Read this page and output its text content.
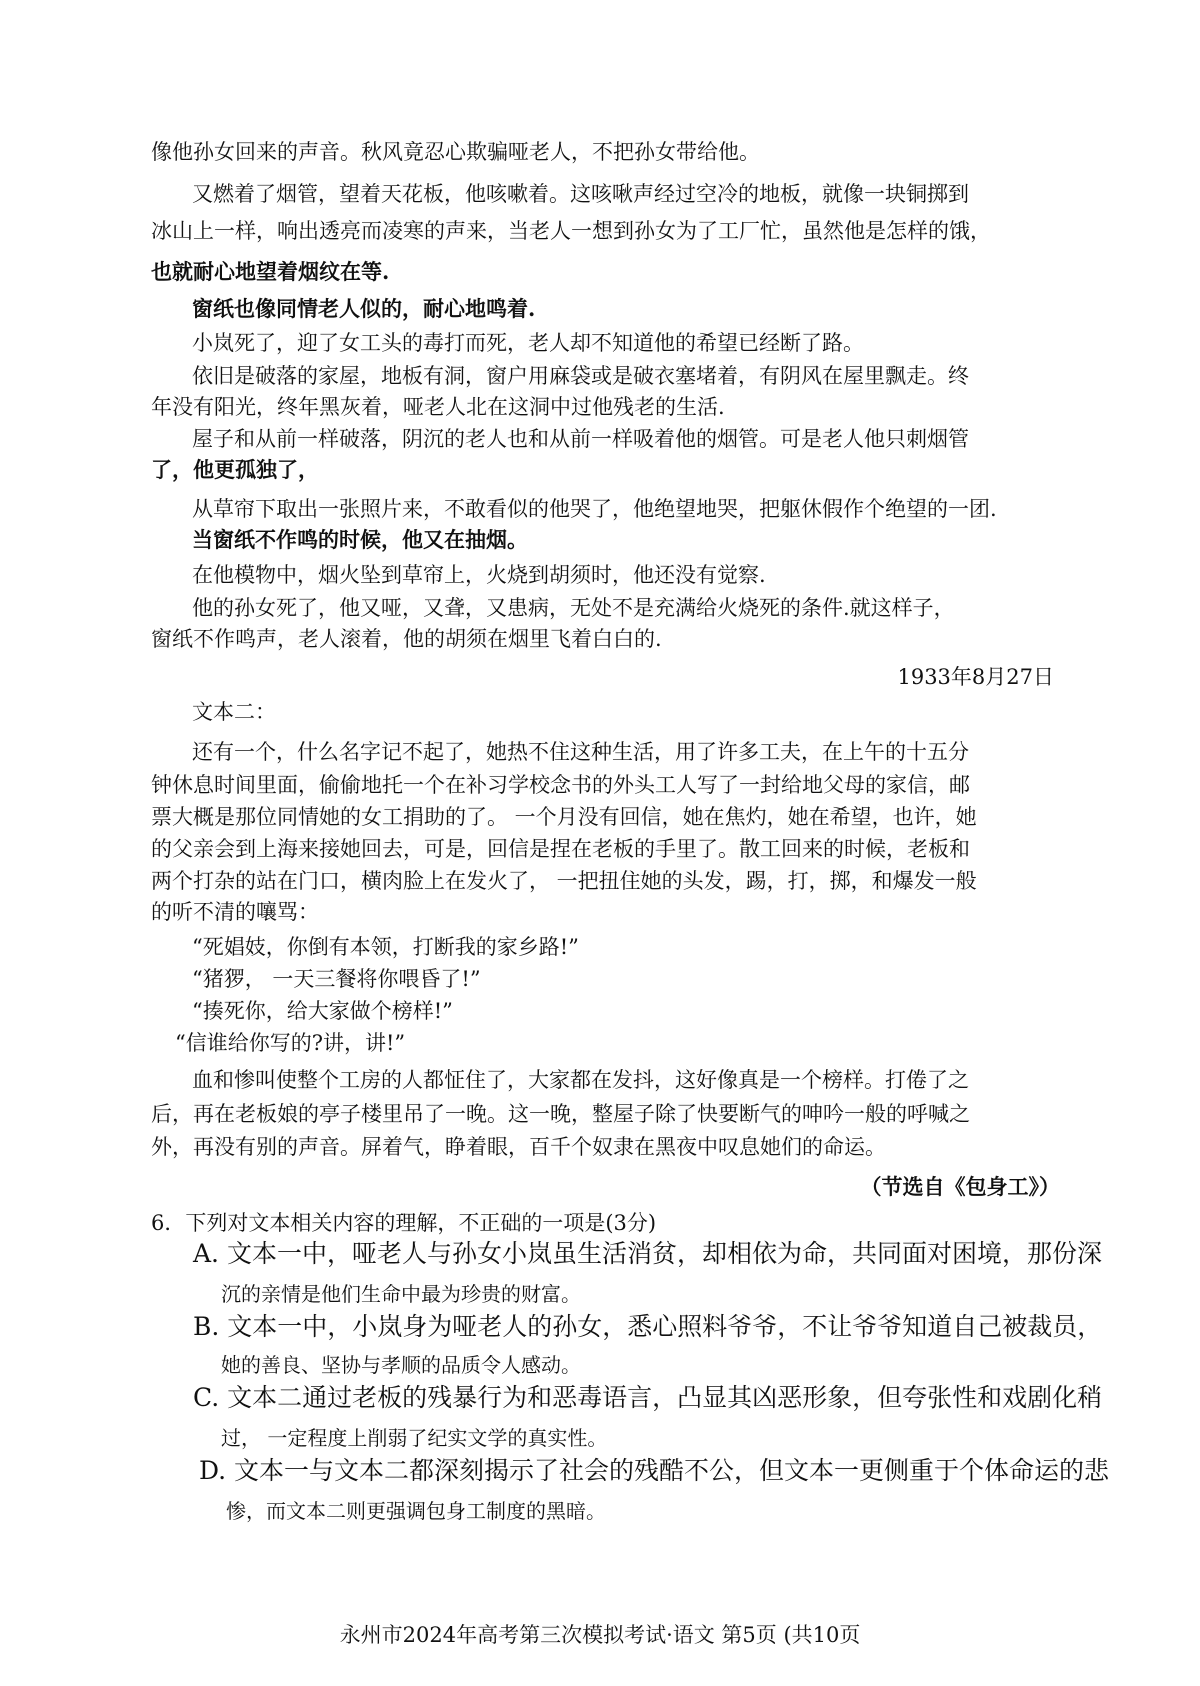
像他孙女回来的声音。秋风竟忍心欺骗哑老人，不把孙女带给他。
又燃着了烟管，望着天花板，他咳嗽着。这咳啾声经过空冷的地板，就像一块铜掷到
冰山上一样，响出透亮而凌寒的声来，当老人一想到孙女为了工厂忙，虽然他是怎样的饿，
也就耐心地望着烟纹在等.
窗纸也像同情老人似的，耐心地鸣着.
小岚死了，迎了女工头的毒打而死，老人却不知道他的希望已经断了路。
依旧是破落的家屋，地板有洞，窗户用麻袋或是破衣塞堵着，有阴风在屋里飘走。终
年没有阳光，终年黑灰着，哑老人北在这洞中过他残老的生活.
屋子和从前一样破落，阴沉的老人也和从前一样吸着他的烟管。可是老人他只刺烟管
了，他更孤独了，
从草帘下取出一张照片来，不敢看似的他哭了，他绝望地哭，把躯休假作个绝望的一团.
当窗纸不作鸣的时候，他又在抽烟。
在他模物中，烟火坠到草帘上，火烧到胡须时，他还没有觉察.
他的孙女死了，他又哑，又聋，又患病，无处不是充满给火烧死的条件.就这样子，
窗纸不作鸣声，老人滚着，他的胡须在烟里飞着白白的.
1933年8月27日
文本二：
还有一个，什么名字记不起了，她热不住这种生活，用了许多工夫，在上午的十五分
钟休息时间里面，偷偷地托一个在补习学校念书的外头工人写了一封给地父母的家信，邮
票大概是那位同情她的女工捐助的了。 一个月没有回信，她在焦灼，她在希望，也许，她
的父亲会到上海来接她回去，可是，回信是捏在老板的手里了。散工回来的时候，老板和
两个打杂的站在门口，横肉脸上在发火了， 一把扭住她的头发，踢，打，掷，和爆发一般
的听不清的嚷骂：
“死娼妓，你倒有本领，打断我的家乡路!”
“猪猡， 一天三餐将你喂昏了!”
“揍死你，给大家做个榜样!”
“信谁给你写的?讲，讲!”
血和惨叫使整个工房的人都怔住了，大家都在发抖，这好像真是一个榜样。打倦了之
后，再在老板娘的亭子楼里吊了一晚。这一晚，整屋子除了快要断气的呻吟一般的呼喊之
外，再没有别的声音。屏着气，睁着眼，百千个奴隶在黑夜中叹息她们的命运。
（节选自《包身工》）
6．下列对文本相关内容的理解，不正础的一项是(3分)
A. 文本一中，哑老人与孙女小岚虽生活消贫，却相依为命，共同面对困境，那份深
沉的亲情是他们生命中最为珍贵的财富。
B. 文本一中，小岚身为哑老人的孙女，悉心照料爷爷，不让爷爷知道自己被裁员，
她的善良、坚协与孝顺的品质令人感动。
C. 文本二通过老板的残暴行为和恶毒语言，凸显其凶恶形象，但夸张性和戏剧化稍
过， 一定程度上削弱了纪实文学的真实性。
D. 文本一与文本二都深刻揭示了社会的残酷不公，但文本一更侧重于个体命运的悲
惨，而文本二则更强调包身工制度的黑暗。
永州市2024年高考第三次模拟考试·语文 第5页 (共10页
